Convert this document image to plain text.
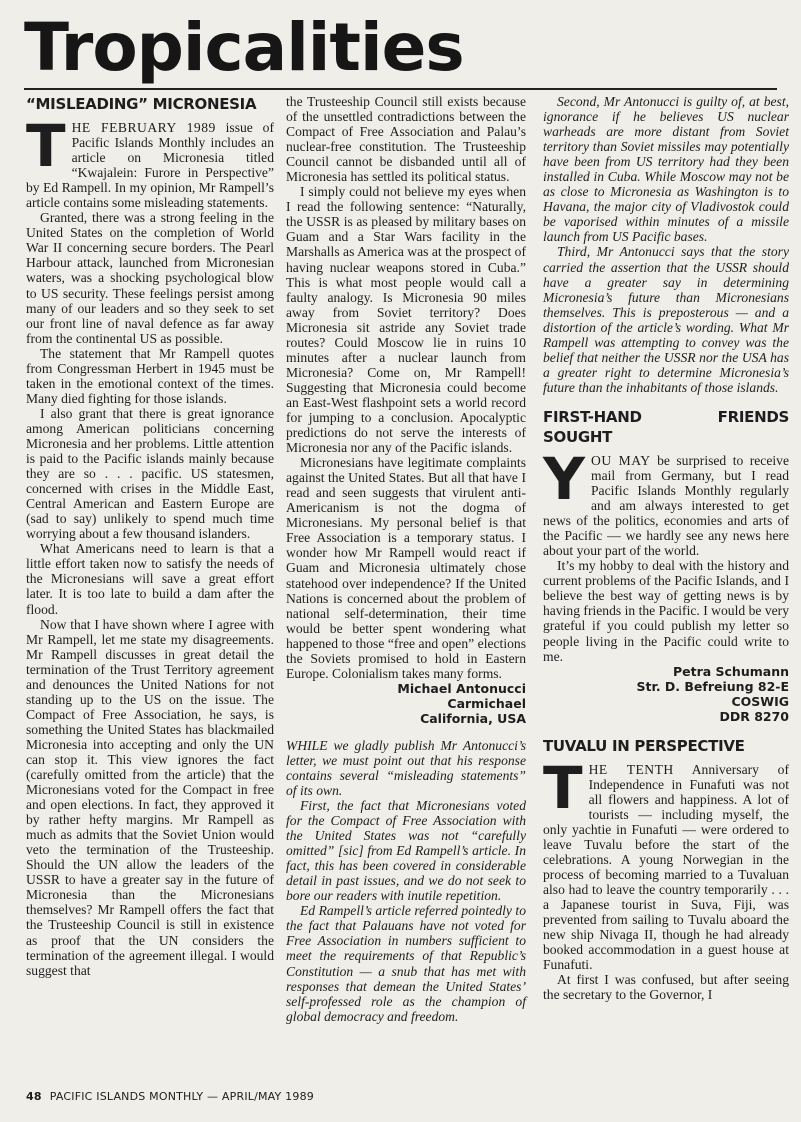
Tropicalities
“MISLEADING” MICRONESIA

THE FEBRUARY 1989 issue of Pacific Islands Monthly includes an article on Micronesia titled “Kwajalein: Furore in Perspective” by Ed Rampell. In my opinion, Mr Rampell’s article contains some misleading statements.

Granted, there was a strong feeling in the United States on the completion of World War II concerning secure borders. The Pearl Harbour attack, launched from Micronesian waters, was a shocking psychological blow to US security. These feelings persist among many of our leaders and so they seek to set our front line of naval defence as far away from the continental US as possible.

The statement that Mr Rampell quotes from Congressman Herbert in 1945 must be taken in the emotional context of the times. Many died fighting for those islands.

I also grant that there is great ignorance among American politicians concerning Micronesia and her problems. Little attention is paid to the Pacific islands mainly because they are so . . . pacific. US statesmen, concerned with crises in the Middle East, Central American and Eastern Europe are (sad to say) unlikely to spend much time worrying about a few thousand islanders.

What Americans need to learn is that a little effort taken now to satisfy the needs of the Micronesians will save a great effort later. It is too late to build a dam after the flood.

Now that I have shown where I agree with Mr Rampell, let me state my disagreements. Mr Rampell discusses in great detail the termination of the Trust Territory agreement and denounces the United Nations for not standing up to the US on the issue. The Compact of Free Association, he says, is something the United States has blackmailed Micronesia into accepting and only the UN can stop it. This view ignores the fact (carefully omitted from the article) that the Micronesians voted for the Compact in free and open elections. In fact, they approved it by rather hefty margins. Mr Rampell as much as admits that the Soviet Union would veto the termination of the Trusteeship. Should the UN allow the leaders of the USSR to have a greater say in the future of Micronesia than the Micronesians themselves? Mr Rampell offers the fact that the Trusteeship Council is still in existence as proof that the UN considers the termination of the agreement illegal. I would suggest that

the Trusteeship Council still exists because of the unsettled contradictions between the Compact of Free Association and Palau’s nuclear-free constitution. The Trusteeship Council cannot be disbanded until all of Micronesia has settled its political status.

I simply could not believe my eyes when I read the following sentence: “Naturally, the USSR is as pleased by military bases on Guam and a Star Wars facility in the Marshalls as America was at the prospect of having nuclear weapons stored in Cuba.” This is what most people would call a faulty analogy. Is Micronesia 90 miles away from Soviet territory? Does Micronesia sit astride any Soviet trade routes? Could Moscow lie in ruins 10 minutes after a nuclear launch from Micronesia? Come on, Mr Rampell! Suggesting that Micronesia could become an East-West flashpoint sets a world record for jumping to a conclusion. Apocalyptic predictions do not serve the interests of Micronesia nor any of the Pacific islands.

Micronesians have legitimate complaints against the United States. But all that have I read and seen suggests that virulent anti-Americanism is not the dogma of Micronesians. My personal belief is that Free Association is a temporary status. I wonder how Mr Rampell would react if Guam and Micronesia ultimately chose statehood over independence? If the United Nations is concerned about the problem of national self-determination, their time would be better spent wondering what happened to those “free and open” elections the Soviets promised to hold in Eastern Europe. Colonialism takes many forms.

Michael Antonucci
Carmichael
California, USA

WHILE we gladly publish Mr Antonucci’s letter, we must point out that his response contains several “misleading statements” of its own.

First, the fact that Micronesians voted for the Compact of Free Association with the United States was not “carefully omitted” [sic] from Ed Rampell’s article. In fact, this has been covered in considerable detail in past issues, and we do not seek to bore our readers with inutile repetition.

Ed Rampell’s article referred pointedly to the fact that Palauans have not voted for Free Association in numbers sufficient to meet the requirements of that Republic’s Constitution — a snub that has met with responses that demean the United States’ self-professed role as the champion of global democracy and freedom.

Second, Mr Antonucci is guilty of, at best, ignorance if he believes US nuclear warheads are more distant from Soviet territory than Soviet missiles may potentially have been from US territory had they been installed in Cuba. While Moscow may not be as close to Micronesia as Washington is to Havana, the major city of Vladivostok could be vaporised within minutes of a missile launch from US Pacific bases.

Third, Mr Antonucci says that the story carried the assertion that the USSR should have a greater say in determining Micronesia’s future than Micronesians themselves. This is preposterous — and a distortion of the article’s wording. What Mr Rampell was attempting to convey was the belief that neither the USSR nor the USA has a greater right to determine Micronesia’s future than the inhabitants of those islands.

FIRST-HAND FRIENDS SOUGHT

YOU MAY be surprised to receive mail from Germany, but I read Pacific Islands Monthly regularly and am always interested to get news of the politics, economies and arts of the Pacific — we hardly see any news here about your part of the world.

It’s my hobby to deal with the history and current problems of the Pacific Islands, and I believe the best way of getting news is by having friends in the Pacific. I would be very grateful if you could publish my letter so people living in the Pacific could write to me.

Petra Schumann
Str. D. Befreiung 82-E
COSWIG
DDR 8270
TUVALU IN PERSPECTIVE

THE TENTH Anniversary of Independence in Funafuti was not all flowers and happiness. A lot of tourists — including myself, the only yachtie in Funafuti — were ordered to leave Tuvalu before the start of the celebrations. A young Norwegian in the process of becoming married to a Tuvaluan also had to leave the country temporarily . . . a Japanese tourist in Suva, Fiji, was prevented from sailing to Tuvalu aboard the new ship Nivaga II, though he had already booked accommodation in a guest house at Funafuti.

At first I was confused, but after seeing the secretary to the Governor, I

48 PACIFIC ISLANDS MONTHLY — APRIL/MAY 1989
